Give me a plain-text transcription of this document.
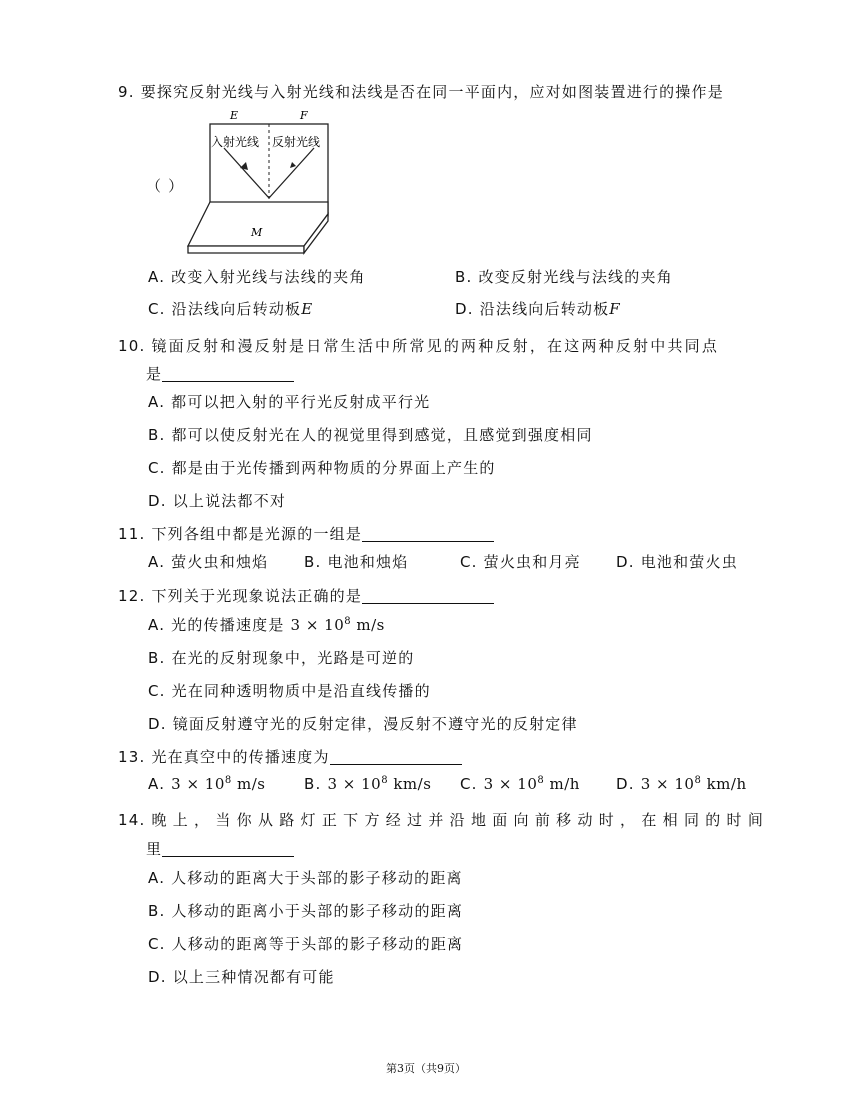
9. 要探究反射光线与入射光线和法线是否在同一平面内，应对如图装置进行的操作是
E	F
入射光线 反射光线
M
（ ）
A. 改变入射光线与法线的夹角	B. 改变反射光线与法线的夹角
C. 沿法线向后转动板E	D. 沿法线向后转动板F
10. 镜面反射和漫反射是日常生活中所常见的两种反射，在这两种反射中共同点
是
A. 都可以把入射的平行光反射成平行光
B. 都可以使反射光在人的视觉里得到感觉，且感觉到强度相同
C. 都是由于光传播到两种物质的分界面上产生的
D. 以上说法都不对
11. 下列各组中都是光源的一组是
A. 萤火虫和烛焰 B. 电池和烛焰	C. 萤火虫和月亮 D. 电池和萤火虫
12. 下列关于光现象说法正确的是
A. 光的传播速度是 $3 \times 10^8$ m/s
B. 在光的反射现象中，光路是可逆的
C. 光在同种透明物质中是沿直线传播的
D. 镜面反射遵守光的反射定律，漫反射不遵守光的反射定律
13. 光在真空中的传播速度为
A. $3 \times 10^8$ m/s	B. $3 \times 10^8$ km/s C. $3 \times 10^8$ m/h D. $3 \times 10^8$ km/h
14. 晚上，当你从路灯正下方经过并沿地面向前移动时，在相同的时间
里
A. 人移动的距离大于头部的影子移动的距离
B. 人移动的距离小于头部的影子移动的距离
C. 人移动的距离等于头部的影子移动的距离
D. 以上三种情况都有可能
第3页（共9页）
